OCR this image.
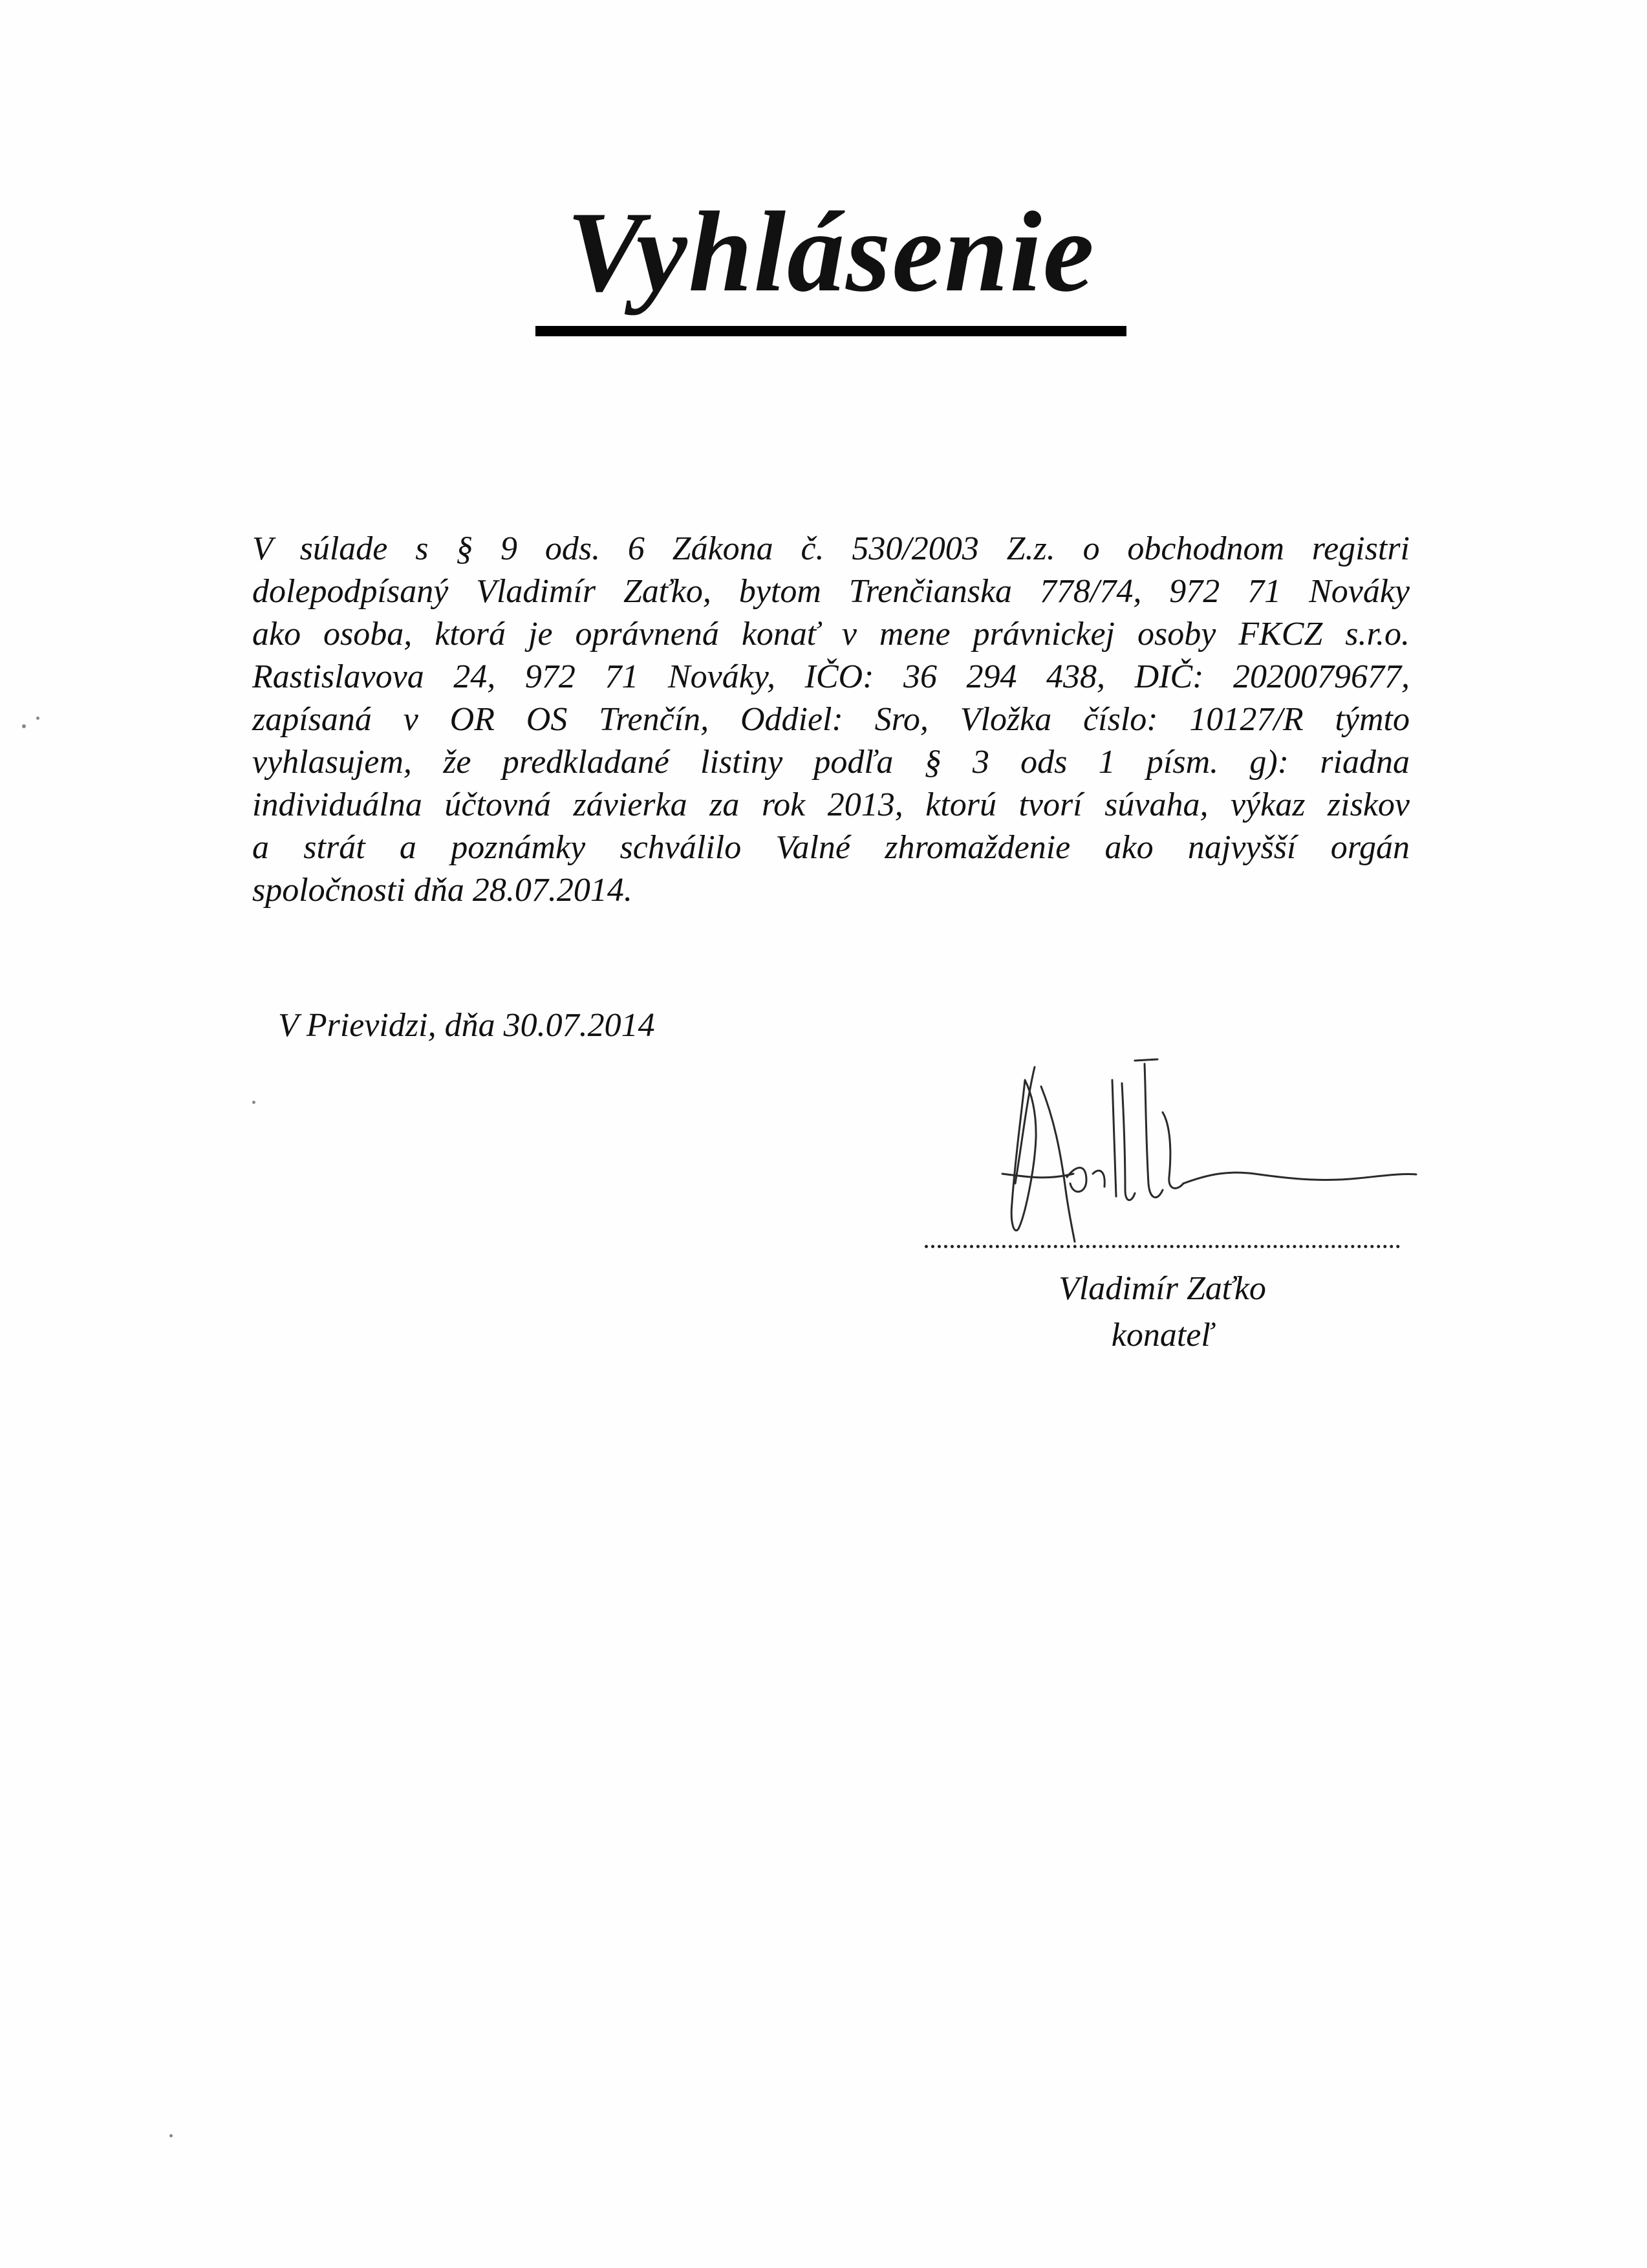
Vyhlásenie
V súlade s § 9 ods. 6 Zákona č. 530/2003 Z.z. o obchodnom registri
dolepodpísaný Vladimír Zaťko, bytom Trenčianska 778/74, 972 71 Nováky
ako osoba, ktorá je oprávnená konať v mene právnickej osoby FKCZ s.r.o.
Rastislavova 24, 972 71 Nováky, IČO: 36 294 438, DIČ: 2020079677,
zapísaná v OR OS Trenčín, Oddiel: Sro, Vložka číslo: 10127/R týmto
vyhlasujem, že predkladané listiny podľa § 3 ods 1 písm. g): riadna
individuálna účtovná závierka za rok 2013, ktorú tvorí súvaha, výkaz ziskov
a strát a poznámky schválilo Valné zhromaždenie ako najvyšší orgán
spoločnosti dňa 28.07.2014.
V Prievidzi, dňa 30.07.2014
Vladimír Zaťko
konateľ
